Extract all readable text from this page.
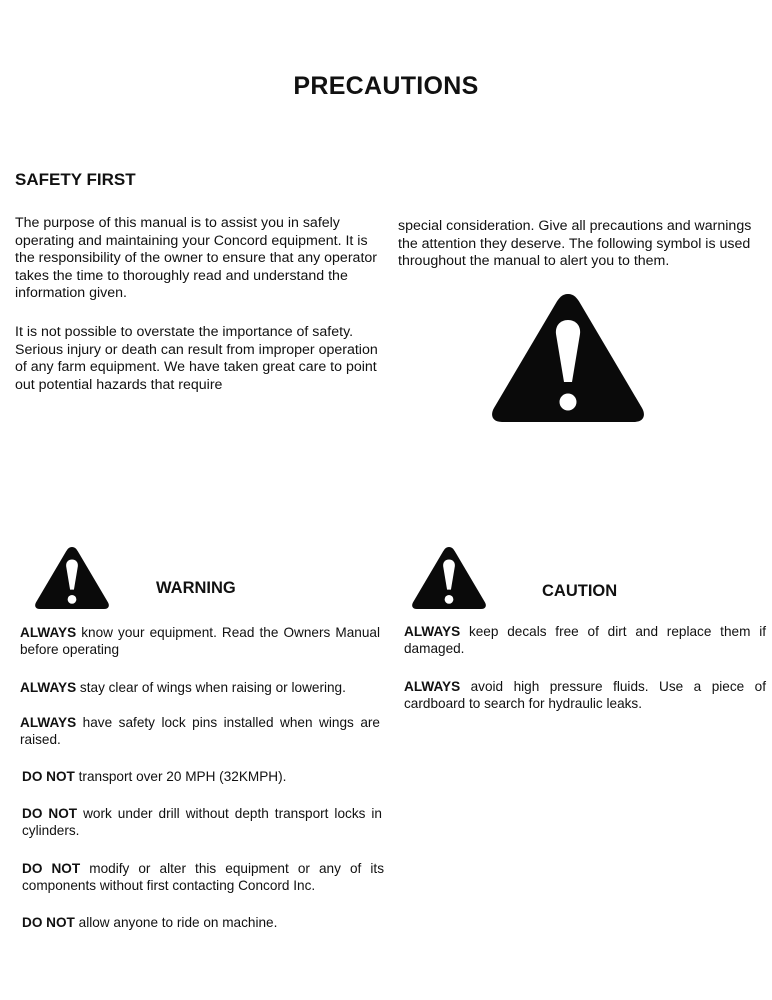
PRECAUTIONS
SAFETY FIRST

The purpose of this manual is to assist you in safely operating and maintaining your Concord equipment. It is the responsibility of the owner to ensure that any operator takes the time to thoroughly read and understand the information given.

It is not possible to overstate the importance of safety. Serious injury or death can result from improper operation of any farm equipment. We have taken great care to point out potential hazards that require

special consideration. Give all precautions and warnings the attention they deserve. The following symbol is used throughout the manual to alert you to them.

WARNING

ALWAYS know your equipment. Read the Owners Manual before operating

ALWAYS stay clear of wings when raising or lowering.

ALWAYS have safety lock pins installed when wings are raised.

DO NOT transport over 20 MPH (32KMPH).

DO NOT work under drill without depth transport locks in cylinders.

DO NOT modify or alter this equipment or any of its components without first contacting Concord Inc.

DO NOT allow anyone to ride on machine.

CAUTION

ALWAYS keep decals free of dirt and replace them if damaged.

ALWAYS avoid high pressure fluids. Use a piece of cardboard to search for hydraulic leaks.
